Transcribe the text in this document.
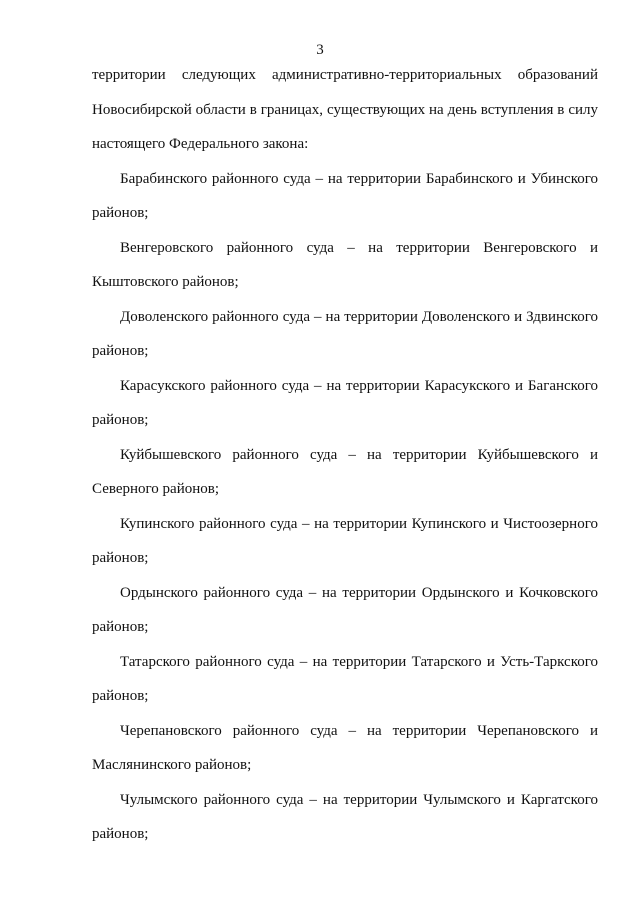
3

территории следующих административно-территориальных образований Новосибирской области в границах, существующих на день вступления в силу настоящего Федерального закона:

Барабинского районного суда – на территории Барабинского и Убинского районов;

Венгеровского районного суда – на территории Венгеровского и Кыштовского районов;

Доволенского районного суда – на территории Доволенского и Здвинского районов;

Карасукского районного суда – на территории Карасукского и Баганского районов;

Куйбышевского районного суда – на территории Куйбышевского и Северного районов;

Купинского районного суда – на территории Купинского и Чистоозерного районов;

Ордынского районного суда – на территории Ордынского и Кочковского районов;

Татарского районного суда – на территории Татарского и Усть-Таркского районов;

Черепановского районного суда – на территории Черепановского и Маслянинского районов;

Чулымского районного суда – на территории Чулымского и Каргатского районов;
